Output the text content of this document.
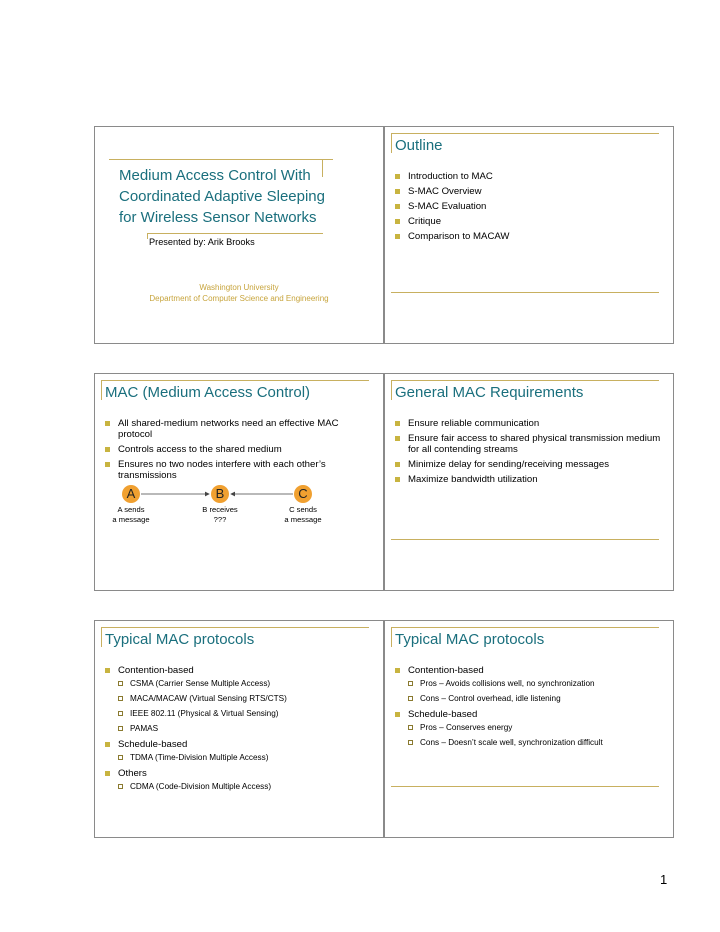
Medium Access Control With
Coordinated Adaptive Sleeping
for Wireless Sensor Networks
Presented by: Arik Brooks
Washington University
Department of Computer Science and Engineering
Outline
Introduction to MAC
S-MAC Overview
S-MAC Evaluation
Critique
Comparison to MACAW
MAC (Medium Access Control)
All shared-medium networks need an effective MAC protocol
Controls access to the shared medium
Ensures no two nodes interfere with each other’s transmissions
A	B	C
A sends
a message
B receives
???
C sends
a message
General MAC Requirements
Ensure reliable communication
Ensure fair access to shared physical transmission medium for all contending streams
Minimize delay for sending/receiving messages
Maximize bandwidth utilization
Typical MAC protocols
Contention-based
CSMA (Carrier Sense Multiple Access)
MACA/MACAW (Virtual Sensing RTS/CTS)
IEEE 802.11 (Physical & Virtual Sensing)
PAMAS
Schedule-based
TDMA (Time-Division Multiple Access)
Others
CDMA (Code-Division Multiple Access)
Typical MAC protocols
Contention-based
Pros – Avoids collisions well, no synchronization
Cons – Control overhead, idle listening
Schedule-based
Pros – Conserves energy
Cons – Doesn’t scale well, synchronization difficult
1
